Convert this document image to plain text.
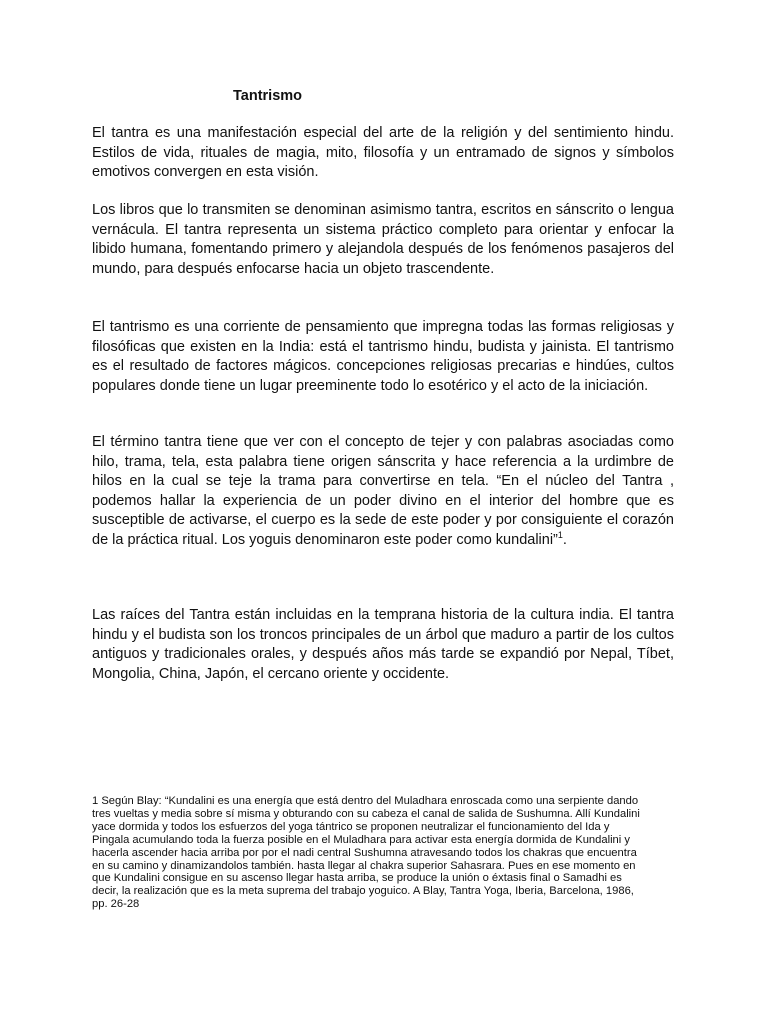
Tantrismo

El tantra es una manifestación especial del arte de la religión y del sentimiento hindu. Estilos de vida, rituales de magia, mito, filosofía y un entramado de signos y símbolos emotivos convergen en esta visión.

Los libros que lo transmiten se denominan asimismo tantra, escritos en sánscrito o lengua vernácula. El tantra representa un sistema práctico completo para orientar y enfocar la libido humana, fomentando primero y alejandola después de los fenómenos pasajeros del mundo, para después enfocarse hacia un objeto trascendente.

El tantrismo es una corriente de pensamiento que impregna todas las formas religiosas y filosóficas que existen en la India: está el tantrismo hindu, budista y jainista. El tantrismo es el resultado de factores mágicos. concepciones religiosas precarias e hindúes, cultos populares donde tiene un lugar preeminente todo lo esotérico y el acto de la iniciación.

El término tantra tiene que ver con el concepto de tejer y con palabras asociadas como hilo, trama, tela, esta palabra tiene origen sánscrita y hace referencia a la urdimbre de hilos en la cual se teje la trama para convertirse en tela. “En el núcleo del Tantra , podemos hallar la experiencia de un poder divino en el interior del hombre que es susceptible de activarse, el cuerpo es la sede de este poder y por consiguiente el corazón de la práctica ritual. Los yoguis denominaron este poder como kundalini”$^1$.

Las raíces del Tantra están incluidas en la temprana historia de la cultura india. El tantra hindu y el budista son los troncos principales de un árbol que maduro a partir de los cultos antiguos y tradicionales orales, y después años más tarde se expandió por Nepal, Tíbet, Mongolia, China, Japón, el cercano oriente y occidente.

1 Según Blay: “Kundalini es una energía que está dentro del Muladhara enroscada como una serpiente dando tres vueltas y media sobre sí misma y obturando con su cabeza el canal de salida de Sushumna. Allí Kundalini yace dormida y todos los esfuerzos del yoga tántrico se proponen neutralizar el funcionamiento del Ida y Pingala acumulando toda la fuerza posible en el Muladhara para activar esta energía dormida de Kundalini y hacerla ascender hacia arriba por por el nadi central Sushumna atravesando todos los chakras que encuentra en su camino y dinamizandolos también. hasta llegar al chakra superior Sahasrara. Pues en ese momento en que Kundalini consigue en su ascenso llegar hasta arriba, se produce la unión o éxtasis final o Samadhi es decir, la realización que es la meta suprema del trabajo yoguico. A Blay, Tantra Yoga, Iberia, Barcelona, 1986, pp. 26-28
